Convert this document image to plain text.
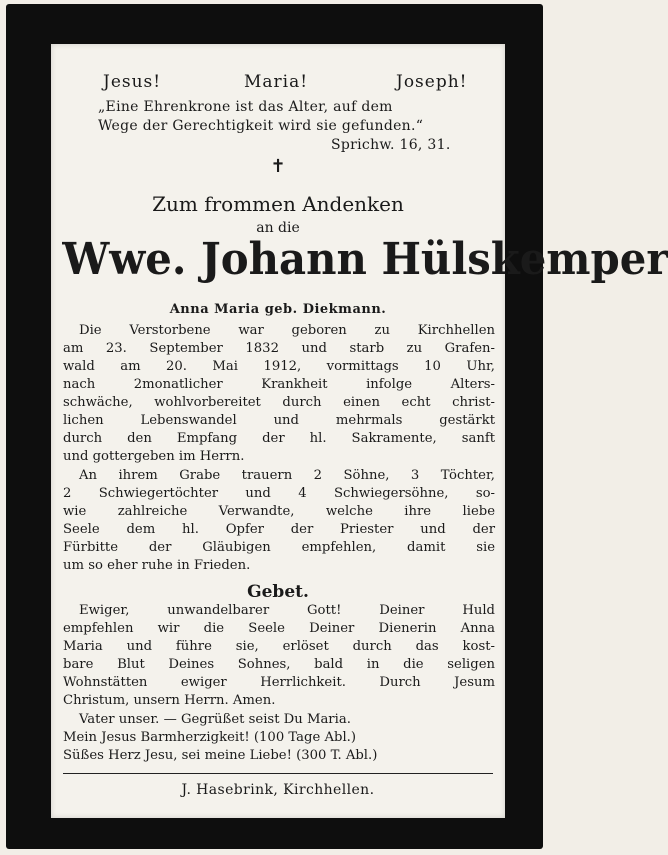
Jesus!	Maria!	Joseph!
„Eine Ehrenkrone ist das Alter, auf dem
Wege der Gerechtigkeit wird sie gefunden.“
Sprichw. 16, 31.
✝
Zum frommen Andenken
an die
Wwe. Johann Hülskemper
Anna Maria geb. Diekmann.
Die Verstorbene war geboren zu Kirchhellen
am 23. September 1832 und starb zu Grafen-
wald am 20. Mai 1912, vormittags 10 Uhr,
nach 2monatlicher Krankheit infolge Alters-
schwäche, wohlvorbereitet durch einen echt christ-
lichen Lebenswandel und mehrmals gestärkt
durch den Empfang der hl. Sakramente, sanft
und gottergeben im Herrn.
An ihrem Grabe trauern 2 Söhne, 3 Töchter,
2 Schwiegertöchter und 4 Schwiegersöhne, so-
wie zahlreiche Verwandte, welche ihre liebe
Seele dem hl. Opfer der Priester und der
Fürbitte der Gläubigen empfehlen, damit sie
um so eher ruhe in Frieden.
Gebet.
Ewiger, unwandelbarer Gott! Deiner Huld
empfehlen wir die Seele Deiner Dienerin Anna
Maria und führe sie, erlöset durch das kost-
bare Blut Deines Sohnes, bald in die seligen
Wohnstätten ewiger Herrlichkeit. Durch Jesum
Christum, unsern Herrn. Amen.
Vater unser. — Gegrüßet seist Du Maria.
Mein Jesus Barmherzigkeit! (100 Tage Abl.)
Süßes Herz Jesu, sei meine Liebe! (300 T. Abl.)
J. Hasebrink, Kirchhellen.
